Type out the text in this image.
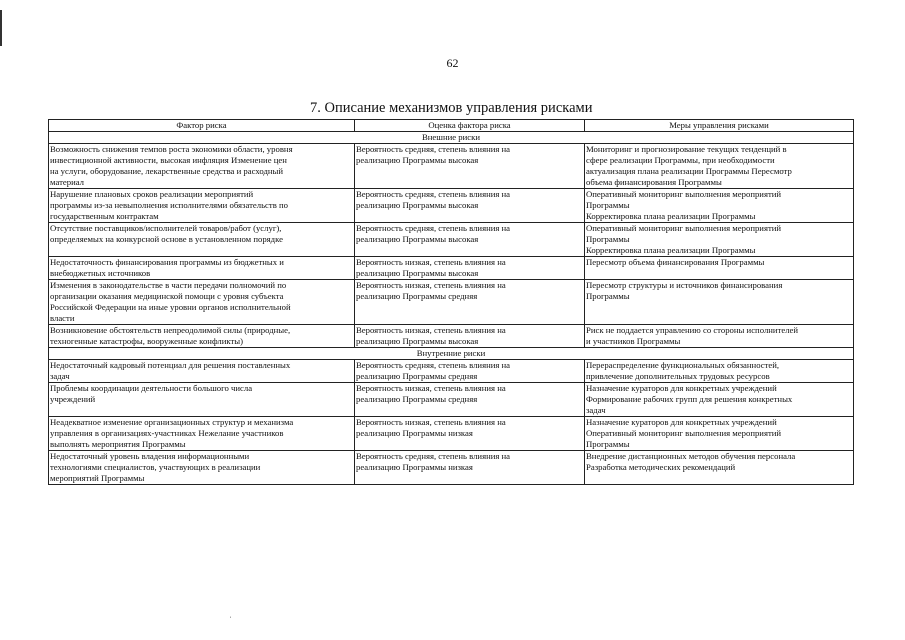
62
7. Описание механизмов управления рисками
Фактор риска	Оценка фактора риска	Меры управления рисками
Внешние риски		

Возможность снижения темпов роста экономики области, уровня
инвестиционной активности, высокая инфляция Изменение цен
на услуги, оборудование, лекарственные средства и расходный
материал	Вероятность средняя, степень влияния на
реализацию Программы высокая	Мониторинг и прогнозирование текущих тенденций в
сфере реализации Программы, при необходимости
актуализация плана реализации Программы Пересмотр
объема финансирования Программы

Нарушение плановых сроков реализации мероприятий
программы из-за невыполнения исполнителями обязательств по
государственным контрактам	Вероятность средняя, степень влияния на
реализацию Программы высокая	Оперативный мониторинг выполнения мероприятий
Программы
Корректировка плана реализации Программы

Отсутствие поставщиков/исполнителей товаров/работ (услуг),
определяемых на конкурсной основе в установленном порядке	Вероятность средняя, степень влияния на
реализацию Программы высокая	Оперативный мониторинг выполнения мероприятий
Программы
Корректировка плана реализации Программы

Недостаточность финансирования программы из бюджетных и
внебюджетных источников	Вероятность низкая, степень влияния на
реализацию Программы высокая	Пересмотр объема финансирования Программы

Изменения в законодательстве в части передачи полномочий по
организации оказания медицинской помощи с уровня субъекта
Российской Федерации на иные уровни органов исполнительной
власти	Вероятность низкая, степень влияния на
реализацию Программы средняя	Пересмотр структуры и источников финансирования
Программы

Возникновение обстоятельств непреодолимой силы (природные,
техногенные катастрофы, вооруженные конфликты)	Вероятность низкая, степень влияния на
реализацию Программы высокая	Риск не поддается управлению со стороны исполнителей
и участников Программы

Внутренние риски		

Недостаточный кадровый потенциал для решения поставленных
задач	Вероятность средняя, степень влияния на
реализацию Программы средняя	Перераспределение функциональных обязанностей,
привлечение дополнительных трудовых ресурсов

Проблемы координации деятельности большого числа
учреждений	Вероятность низкая, степень влияния на
реализацию Программы средняя	Назначение кураторов для конкретных учреждений
Формирование рабочих групп для решения конкретных
задач

Неадекватное изменение организационных структур и механизма
управления в организациях-участниках Нежелание участников
выполнять мероприятия Программы	Вероятность низкая, степень влияния на
реализацию Программы низкая	Назначение кураторов для конкретных учреждений
Оперативный мониторинг выполнения мероприятий
Программы

Недостаточный уровень владения информационными
технологиями специалистов, участвующих в реализации
мероприятий Программы	Вероятность средняя, степень влияния на
реализацию Программы низкая	Внедрение дистанционных методов обучения персонала
Разработка методических рекомендаций
ˌ
